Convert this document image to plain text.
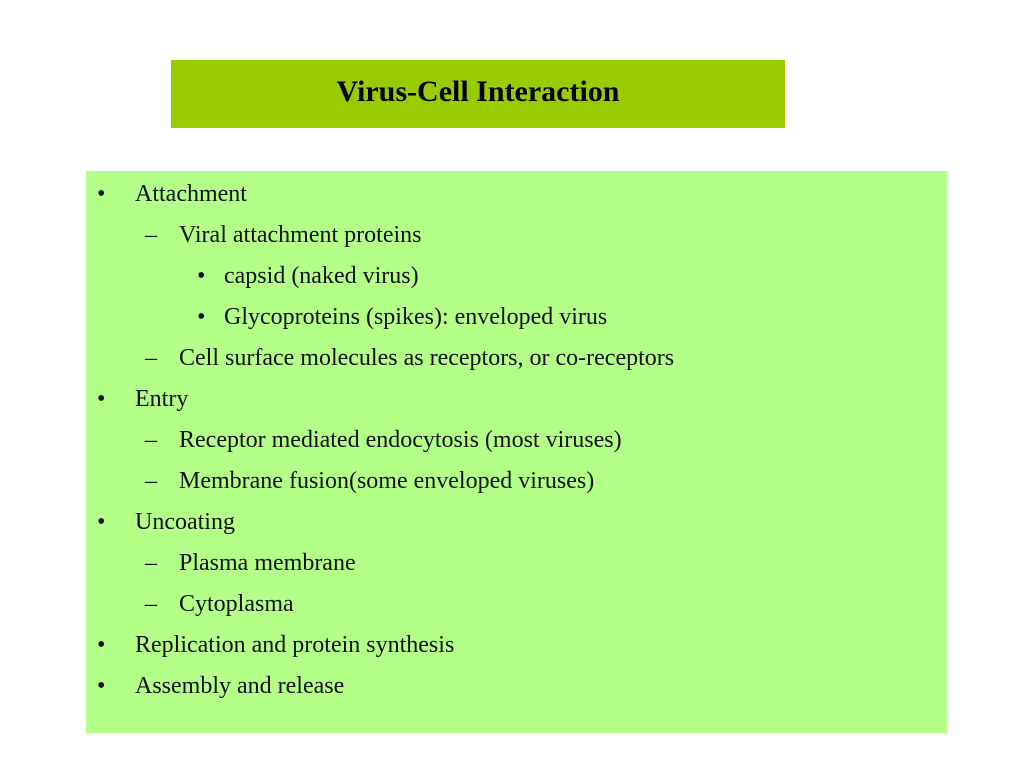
Virus-Cell Interaction
• Attachment
– Viral attachment proteins
• capsid (naked virus)
• Glycoproteins (spikes): enveloped virus
– Cell surface molecules as receptors, or co-receptors
• Entry
– Receptor mediated endocytosis (most viruses)
– Membrane fusion(some enveloped viruses)
• Uncoating
– Plasma membrane
– Cytoplasma
• Replication and protein synthesis
• Assembly and release
